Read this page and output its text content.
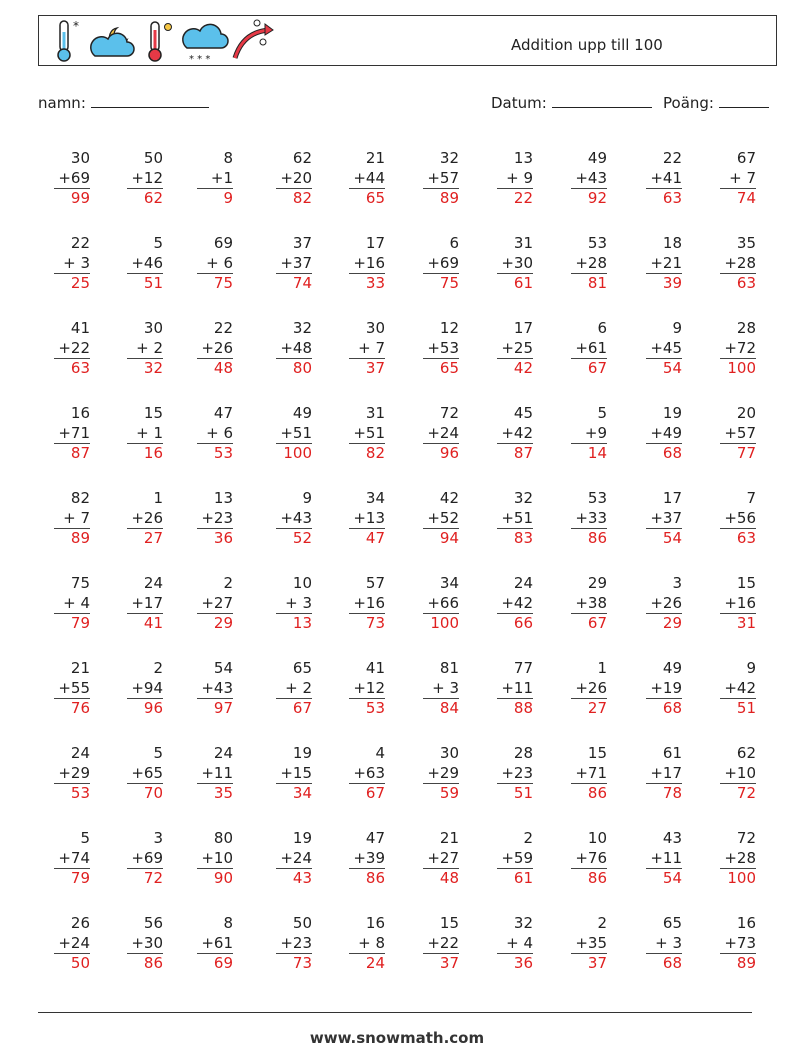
*
* * *
Addition upp till 100
namn:	Datum:	Poäng:
30
+69
99
50
+12
62
8
+1
9
62
+20
82
21
+44
65
32
+57
89
13
+ 9
22
49
+43
92
22
+41
63
67
+ 7
74
22
+ 3
25
5
+46
51
69
+ 6
75
37
+37
74
17
+16
33
6
+69
75
31
+30
61
53
+28
81
18
+21
39
35
+28
63
41
+22
63
30
+ 2
32
22
+26
48
32
+48
80
30
+ 7
37
12
+53
65
17
+25
42
6
+61
67
9
+45
54
28
+72
100
16
+71
87
15
+ 1
16
47
+ 6
53
49
+51
100
31
+51
82
72
+24
96
45
+42
87
5
+9
14
19
+49
68
20
+57
77
82
+ 7
89
1
+26
27
13
+23
36
9
+43
52
34
+13
47
42
+52
94
32
+51
83
53
+33
86
17
+37
54
7
+56
63
75
+ 4
79
24
+17
41
2
+27
29
10
+ 3
13
57
+16
73
34
+66
100
24
+42
66
29
+38
67
3
+26
29
15
+16
31
21
+55
76
2
+94
96
54
+43
97
65
+ 2
67
41
+12
53
81
+ 3
84
77
+11
88
1
+26
27
49
+19
68
9
+42
51
24
+29
53
5
+65
70
24
+11
35
19
+15
34
4
+63
67
30
+29
59
28
+23
51
15
+71
86
61
+17
78
62
+10
72
5
+74
79
3
+69
72
80
+10
90
19
+24
43
47
+39
86
21
+27
48
2
+59
61
10
+76
86
43
+11
54
72
+28
100
26
+24
50
56
+30
86
8
+61
69
50
+23
73
16
+ 8
24
15
+22
37
32
+ 4
36
2
+35
37
65
+ 3
68
16
+73
89
www.snowmath.com
